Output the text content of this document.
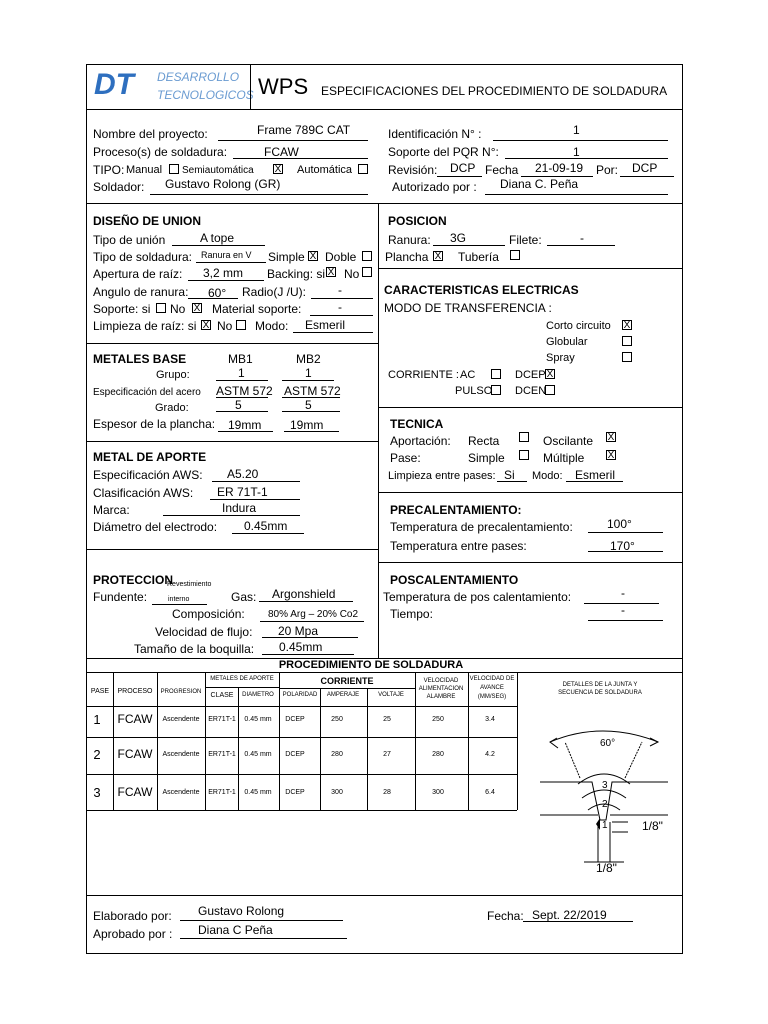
DT DESARROLLO
TECNOLOGICOS WPS ESPECIFICACIONES DEL PROCEDIMIENTO DE SOLDADURA
Nombre del proyecto:	Frame 789C CAT
Proceso(s) de soldadura:	FCAW
TIPO: Manual Semiautomática X Automática
Soldador: Gustavo Rolong (GR)
Identificación N° :	1
Soporte del PQR N°:	1
Revisión: DCP Fecha 21-09-19 Por: DCP
Autorizado por : Diana C. Peña
DISEÑO DE UNION
Tipo de unión	A tope
Tipo de soldadura: Ranura en V Simple X Doble
Apertura de raíz: 3,2 mm Backing: si X No
Angulo de ranura: 60° Radio(J /U):	-
Soporte: si No X Material soporte:	-
Limpieza de raíz: si X No Modo: Esmeril
POSICION
Ranura: 3G	Filete:	-
Plancha X Tubería
CARACTERISTICAS ELECTRICAS
MODO DE TRANSFERENCIA :
Corto circuito X
Globular
Spray
CORRIENTE : AC	DCEP X
PULSO DCEN
METALES BASE	MB1	MB2
Grupo:	1	1
Especificación del acero ASTM 572 ASTM 572
Grado:	5	5
Espesor de la plancha: 19mm 19mm	TECNICA
Aportación: Recta	Oscilante X
Pase:	Simple	Múltiple X
Limpieza entre pases: Si Modo: Esmeril
METAL DE APORTE
Especificación AWS: A5.20
Clasificación AWS: ER 71T-1
Marca:	Indura
Diámetro del electrodo: 0.45mm
PRECALENTAMIENTO:
Temperatura de precalentamiento:	100°
Temperatura entre pases:	170°
PROTECCION
Revestimiento
Fundente:	interno	Gas: Argonshield
Composición: 80% Arg – 20% Co2
Velocidad de flujo: 20 Mpa
Tamaño de la boquilla: 0.45mm
POSCALENTAMIENTO
Temperatura de pos calentamiento:	-
Tiempo:	-
PROCEDIMIENTO DE SOLDADURA
PASE PROCESO PROGRESION
METALES DE APORTE
CLASE DIAMETRO
CORRIENTE
POLARIDAD AMPERAJE	VOLTAJE
VELOCIDAD
ALIMENTACION
ALAMBRE
VELOCIDAD DE
AVANCE
(MM/SEG)
DETALLES DE LA JUNTA Y
SECUENCIA DE SOLDADURA
1 FCAW Ascendente ER71T-1 0.45 mm DCEP	250	25	250	3.4
2 FCAW Ascendente ER71T-1 0.45 mm DCEP	280	27	280	4.2
3 FCAW Ascendente ER71T-1 0.45 mm DCEP	300	28	300	6.4
60°
3
2
1	1/8"
1/8"
Elaborado por: Gustavo Rolong
Aprobado por : Diana C Peña
Fecha: Sept. 22/2019
